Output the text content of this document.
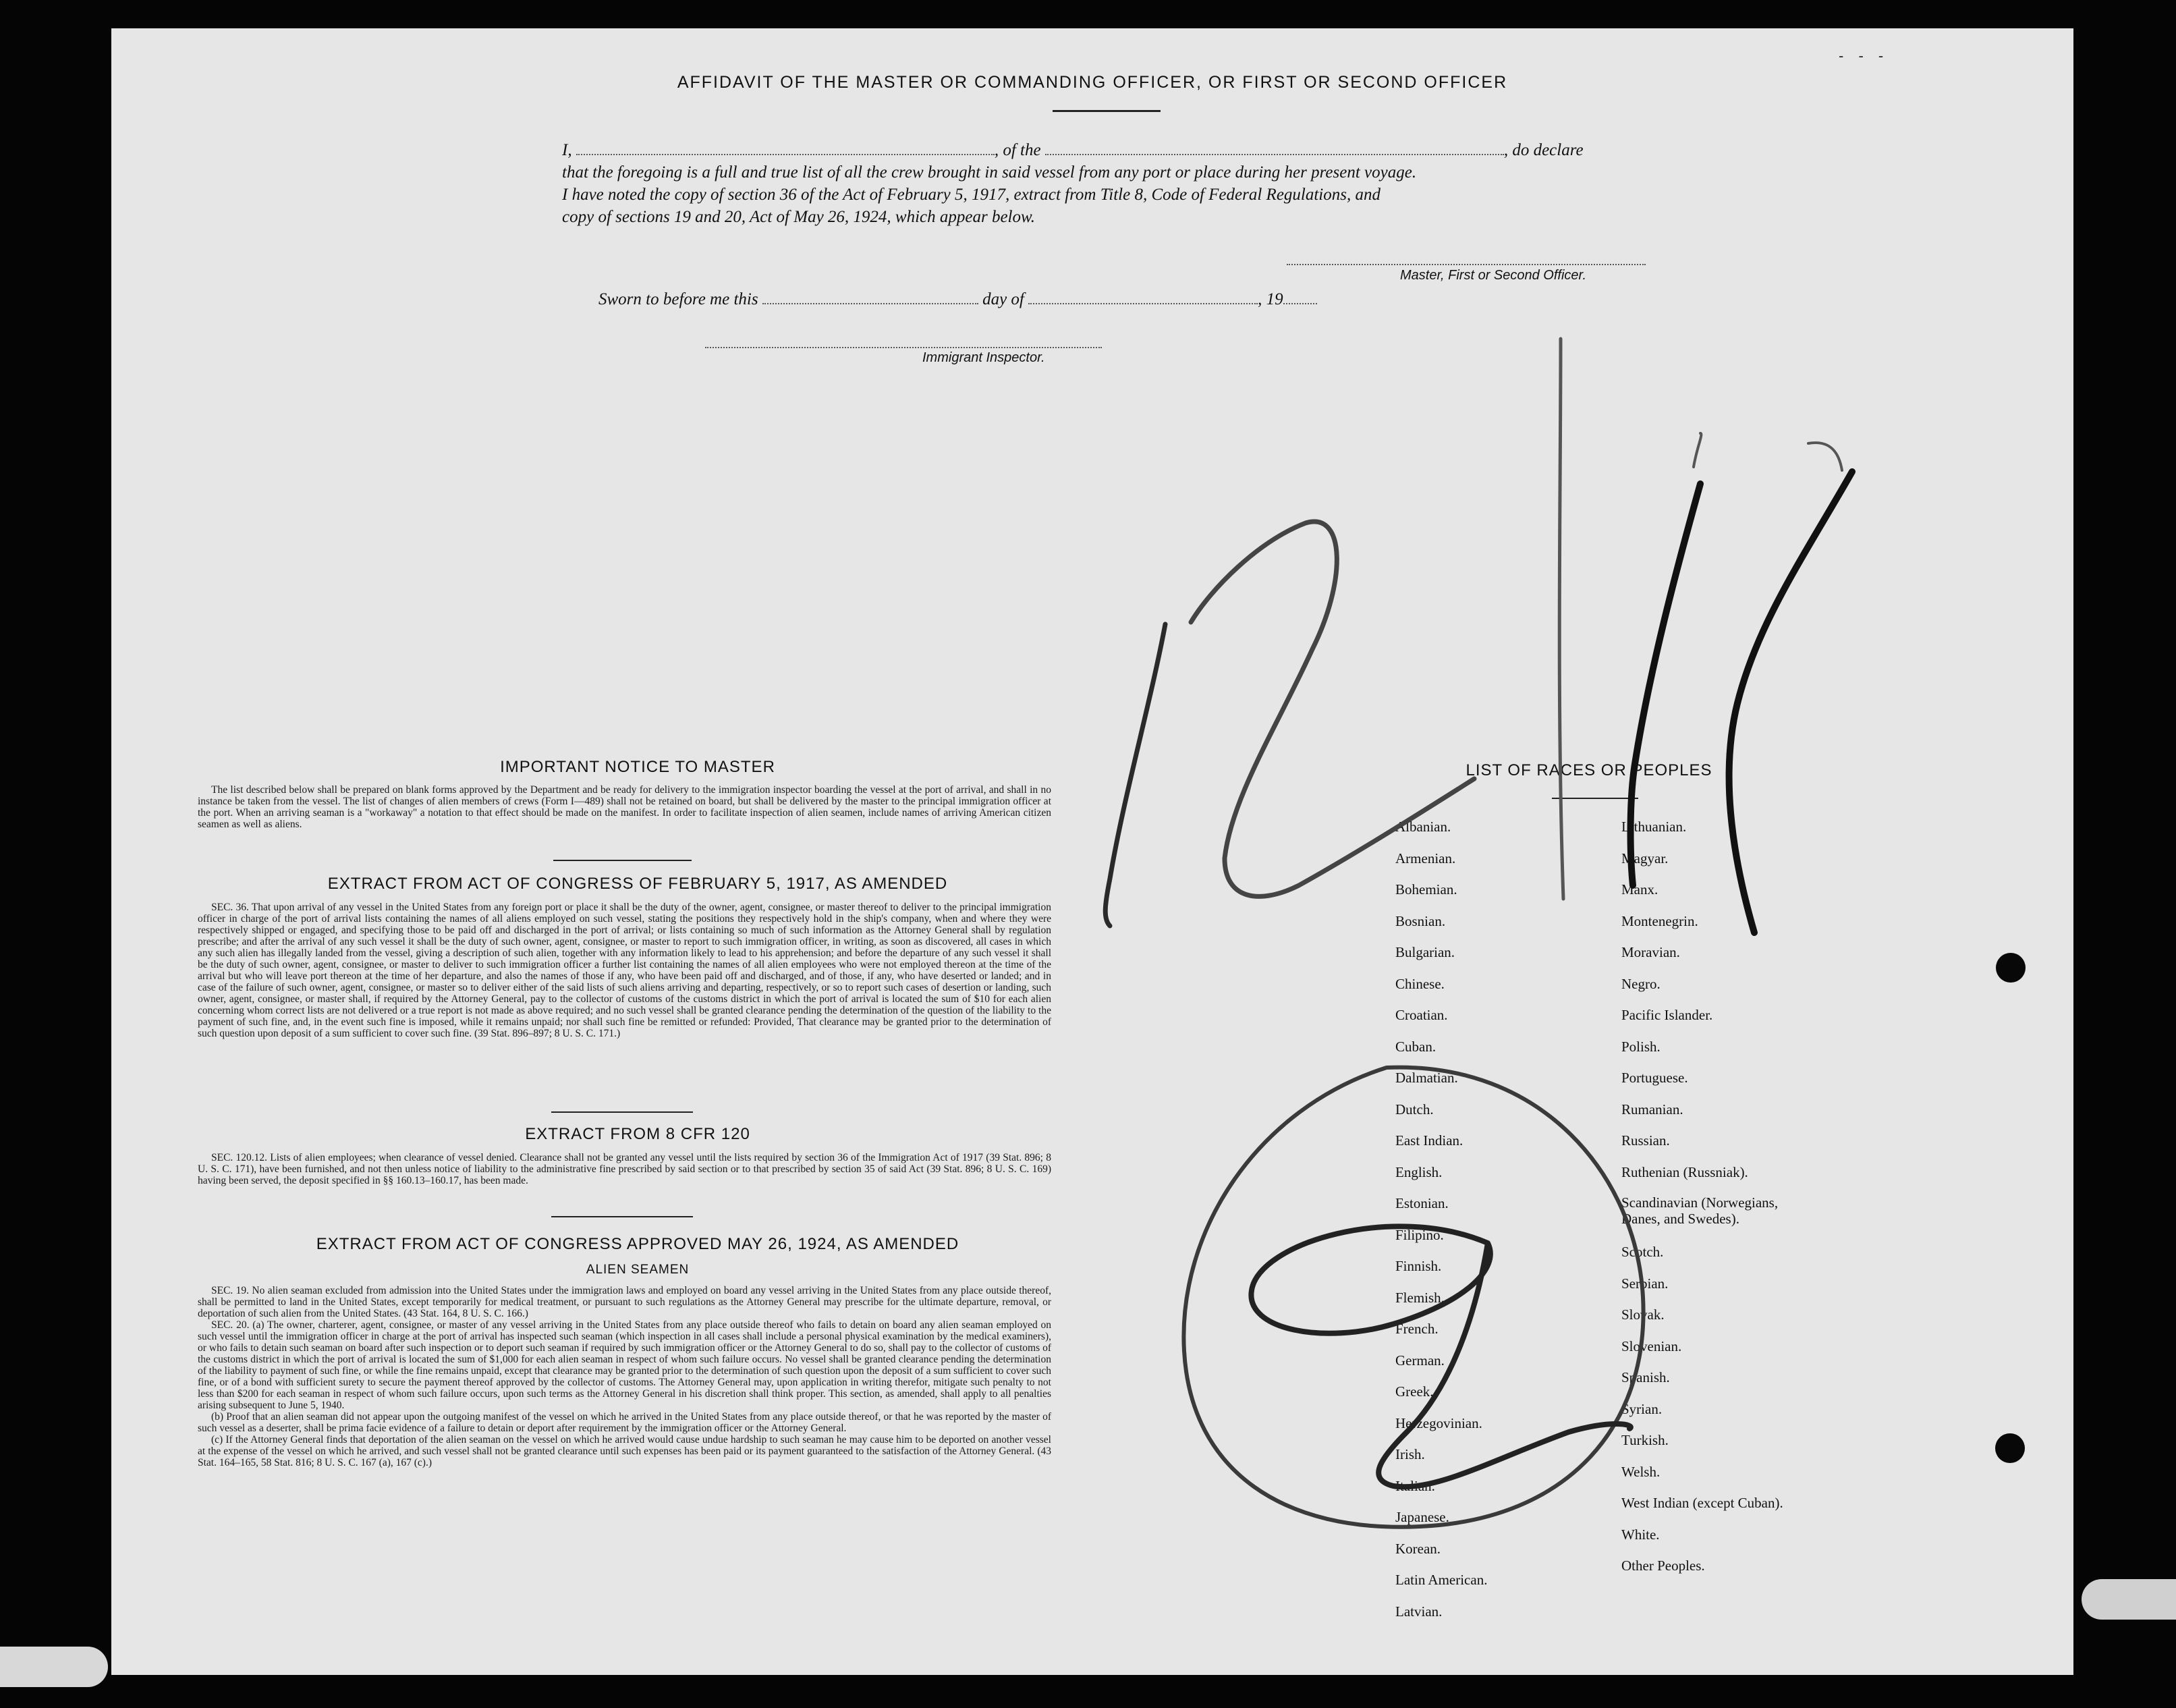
- - -
AFFIDAVIT OF THE MASTER OR COMMANDING OFFICER, OR FIRST OR SECOND OFFICER
I,	, of the	, do declare
that the foregoing is a full and true list of all the crew brought in said vessel from any port or place during her present voyage.
I have noted the copy of section 36 of the Act of February 5, 1917, extract from Title 8, Code of Federal Regulations, and
copy of sections 19 and 20, Act of May 26, 1924, which appear below.
Master, First or Second Officer.
Sworn to before me this	day of	, 19
Immigrant Inspector.
IMPORTANT NOTICE TO MASTER

The list described below shall be prepared on blank forms approved by the Department and be ready for delivery to the immigration inspector boarding the vessel at the port of arrival, and shall in no instance be taken from the vessel. The list of changes of alien members of crews (Form I—489) shall not be retained on board, but shall be delivered by the master to the principal immigration officer at the port. When an arriving seaman is a "workaway" a notation to that effect should be made on the manifest. In order to facilitate inspection of alien seamen, include names of arriving American citizen seamen as well as aliens.

EXTRACT FROM ACT OF CONGRESS OF FEBRUARY 5, 1917, AS AMENDED

SEC. 36. That upon arrival of any vessel in the United States from any foreign port or place it shall be the duty of the owner, agent, consignee, or master thereof to deliver to the principal immigration officer in charge of the port of arrival lists containing the names of all aliens employed on such vessel, stating the positions they respectively hold in the ship's company, when and where they were respectively shipped or engaged, and specifying those to be paid off and discharged in the port of arrival; or lists containing so much of such information as the Attorney General shall by regulation prescribe; and after the arrival of any such vessel it shall be the duty of such owner, agent, consignee, or master to report to such immigration officer, in writing, as soon as discovered, all cases in which any such alien has illegally landed from the vessel, giving a description of such alien, together with any information likely to lead to his apprehension; and before the departure of any such vessel it shall be the duty of such owner, agent, consignee, or master to deliver to such immigration officer a further list containing the names of all alien employees who were not employed thereon at the time of the arrival but who will leave port thereon at the time of her departure, and also the names of those if any, who have been paid off and discharged, and of those, if any, who have deserted or landed; and in case of the failure of such owner, agent, consignee, or master so to deliver either of the said lists of such aliens arriving and departing, respectively, or so to report such cases of desertion or landing, such owner, agent, consignee, or master shall, if required by the Attorney General, pay to the collector of customs of the customs district in which the port of arrival is located the sum of $10 for each alien concerning whom correct lists are not delivered or a true report is not made as above required; and no such vessel shall be granted clearance pending the determination of the question of the liability to the payment of such fine, and, in the event such fine is imposed, while it remains unpaid; nor shall such fine be remitted or refunded: Provided, That clearance may be granted prior to the determination of such question upon deposit of a sum sufficient to cover such fine. (39 Stat. 896–897; 8 U. S. C. 171.)

EXTRACT FROM 8 CFR 120

SEC. 120.12. Lists of alien employees; when clearance of vessel denied. Clearance shall not be granted any vessel until the lists required by section 36 of the Immigration Act of 1917 (39 Stat. 896; 8 U. S. C. 171), have been furnished, and not then unless notice of liability to the administrative fine prescribed by said section or to that prescribed by section 35 of said Act (39 Stat. 896; 8 U. S. C. 169) having been served, the deposit specified in §§ 160.13–160.17, has been made.

EXTRACT FROM ACT OF CONGRESS APPROVED MAY 26, 1924, AS AMENDED
ALIEN SEAMEN

SEC. 19. No alien seaman excluded from admission into the United States under the immigration laws and employed on board any vessel arriving in the United States from any place outside thereof, shall be permitted to land in the United States, except temporarily for medical treatment, or pursuant to such regulations as the Attorney General may prescribe for the ultimate departure, removal, or deportation of such alien from the United States. (43 Stat. 164, 8 U. S. C. 166.)

SEC. 20. (a) The owner, charterer, agent, consignee, or master of any vessel arriving in the United States from any place outside thereof who fails to detain on board any alien seaman employed on such vessel until the immigration officer in charge at the port of arrival has inspected such seaman (which inspection in all cases shall include a personal physical examination by the medical examiners), or who fails to detain such seaman on board after such inspection or to deport such seaman if required by such immigration officer or the Attorney General to do so, shall pay to the collector of customs of the customs district in which the port of arrival is located the sum of $1,000 for each alien seaman in respect of whom such failure occurs. No vessel shall be granted clearance pending the determination of the liability to payment of such fine, or while the fine remains unpaid, except that clearance may be granted prior to the determination of such question upon the deposit of a sum sufficient to cover such fine, or of a bond with sufficient surety to secure the payment thereof approved by the collector of customs. The Attorney General may, upon application in writing therefor, mitigate such penalty to not less than $200 for each seaman in respect of whom such failure occurs, upon such terms as the Attorney General in his discretion shall think proper. This section, as amended, shall apply to all penalties arising subsequent to June 5, 1940.

(b) Proof that an alien seaman did not appear upon the outgoing manifest of the vessel on which he arrived in the United States from any place outside thereof, or that he was reported by the master of such vessel as a deserter, shall be prima facie evidence of a failure to detain or deport after requirement by the immigration officer or the Attorney General.

(c) If the Attorney General finds that deportation of the alien seaman on the vessel on which he arrived would cause undue hardship to such seaman he may cause him to be deported on another vessel at the expense of the vessel on which he arrived, and such vessel shall not be granted clearance until such expenses has been paid or its payment guaranteed to the satisfaction of the Attorney General. (43 Stat. 164–165, 58 Stat. 816; 8 U. S. C. 167 (a), 167 (c).)

LIST OF RACES OR PEOPLES
Albanian.
Armenian.
Bohemian.
Bosnian.
Bulgarian.
Chinese.
Croatian.
Cuban.
Dalmatian.
Dutch.
East Indian.
English.
Estonian.
Filipino.
Finnish.
Flemish.
French.
German.
Greek.
Herzegovinian.
Irish.
Italian.
Japanese.
Korean.
Latin American.
Latvian.
Lithuanian.
Magyar.
Manx.
Montenegrin.
Moravian.
Negro.
Pacific Islander.
Polish.
Portuguese.
Rumanian.
Russian.
Ruthenian (Russniak).
Scandinavian (Norwegians,
Danes, and Swedes).
Scotch.
Serbian.
Slovak.
Slovenian.
Spanish.
Syrian.
Turkish.
Welsh.
West Indian (except Cuban).
White.
Other Peoples.
